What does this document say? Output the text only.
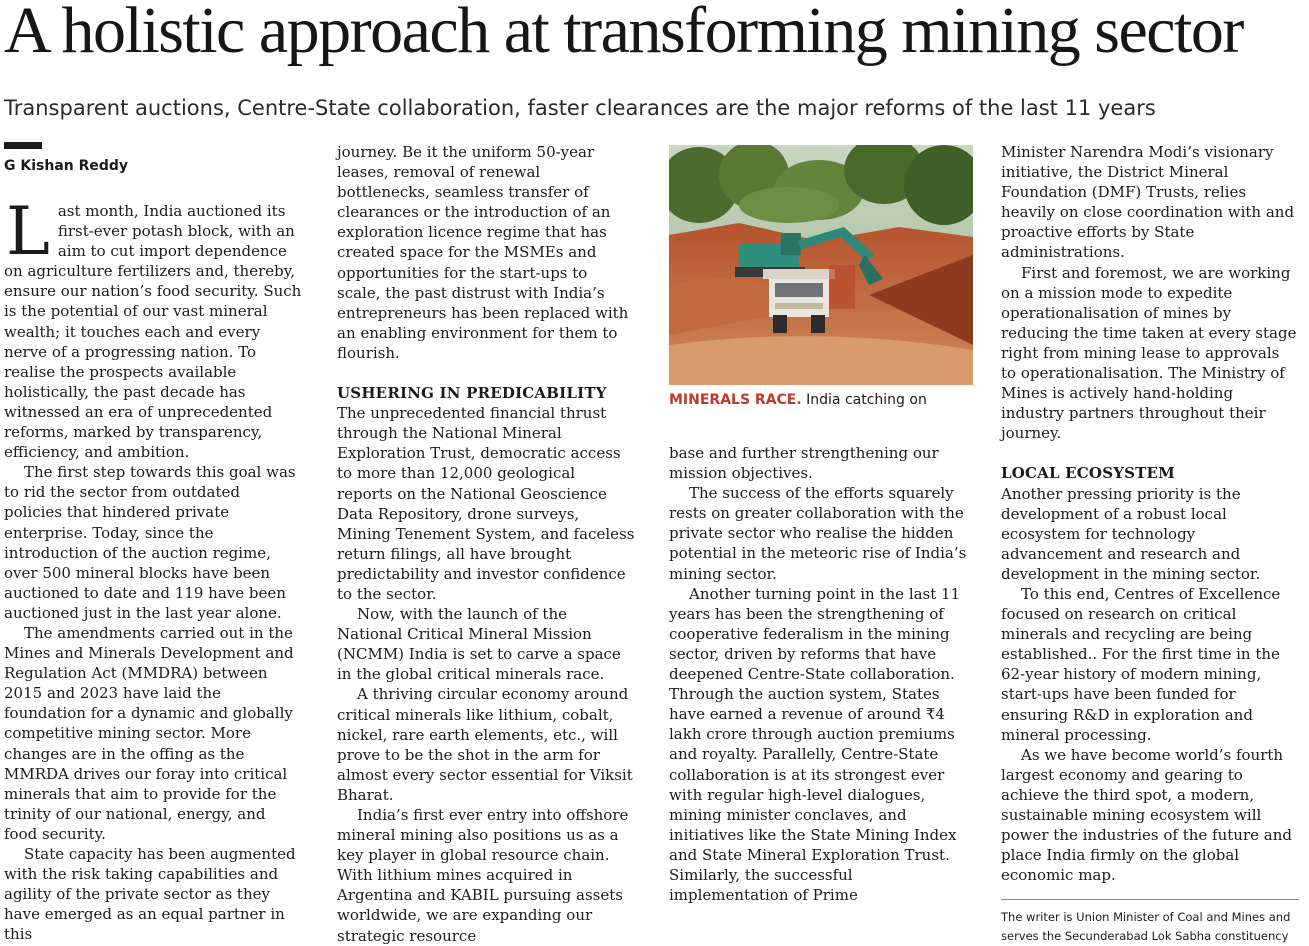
A holistic approach at transforming mining sector
Transparent auctions, Centre-State collaboration, faster clearances are the major reforms of the last 11 years
G Kishan Reddy

Last month, India auctioned its first-ever potash block, with an aim to cut import dependence on agriculture fertilizers and, thereby, ensure our nation’s food security. Such is the potential of our vast mineral wealth; it touches each and every nerve of a progressing nation. To realise the prospects available holistically, the past decade has witnessed an era of unprecedented reforms, marked by transparency, efficiency, and ambition.

The first step towards this goal was to rid the sector from outdated policies that hindered private enterprise. Today, since the introduction of the auction regime, over 500 mineral blocks have been auctioned to date and 119 have been auctioned just in the last year alone.

The amendments carried out in the Mines and Minerals Development and Regulation Act (MMDRA) between 2015 and 2023 have laid the foundation for a dynamic and globally competitive mining sector. More changes are in the offing as the MMRDA drives our foray into critical minerals that aim to provide for the trinity of our national, energy, and food security.

State capacity has been augmented with the risk taking capabilities and agility of the private sector as they have emerged as an equal partner in this

journey. Be it the uniform 50-year leases, removal of renewal bottlenecks, seamless transfer of clearances or the introduction of an exploration licence regime that has created space for the MSMEs and opportunities for the start-ups to scale, the past distrust with India’s entrepreneurs has been replaced with an enabling environment for them to flourish.

USHERING IN PREDICABILITY

The unprecedented financial thrust through the National Mineral Exploration Trust, democratic access to more than 12,000 geological reports on the National Geoscience Data Repository, drone surveys, Mining Tenement System, and faceless return filings, all have brought predictability and investor confidence to the sector.

Now, with the launch of the National Critical Mineral Mission (NCMM) India is set to carve a space in the global critical minerals race.

A thriving circular economy around critical minerals like lithium, cobalt, nickel, rare earth elements, etc., will prove to be the shot in the arm for almost every sector essential for Viksit Bharat.

India’s first ever entry into offshore mineral mining also positions us as a key player in global resource chain. With lithium mines acquired in Argentina and KABIL pursuing assets worldwide, we are expanding our strategic resource

MINERALS RACE. India catching on

base and further strengthening our mission objectives.

The success of the efforts squarely rests on greater collaboration with the private sector who realise the hidden potential in the meteoric rise of India’s mining sector.

Another turning point in the last 11 years has been the strengthening of cooperative federalism in the mining sector, driven by reforms that have deepened Centre-State collaboration. Through the auction system, States have earned a revenue of around ₹4 lakh crore through auction premiums and royalty. Parallelly, Centre-State collaboration is at its strongest ever with regular high-level dialogues, mining minister conclaves, and initiatives like the State Mining Index and State Mineral Exploration Trust. Similarly, the successful implementation of Prime

Minister Narendra Modi’s visionary initiative, the District Mineral Foundation (DMF) Trusts, relies heavily on close coordination with and proactive efforts by State administrations.

First and foremost, we are working on a mission mode to expedite operationalisation of mines by reducing the time taken at every stage right from mining lease to approvals to operationalisation. The Ministry of Mines is actively hand-holding industry partners throughout their journey.

LOCAL ECOSYSTEM

Another pressing priority is the development of a robust local ecosystem for technology advancement and research and development in the mining sector.

To this end, Centres of Excellence focused on research on critical minerals and recycling are being established.. For the first time in the 62-year history of modern mining, start-ups have been funded for ensuring R&D in exploration and mineral processing.

As we have become world’s fourth largest economy and gearing to achieve the third spot, a modern, sustainable mining ecosystem will power the industries of the future and place India firmly on the global economic map.

The writer is Union Minister of Coal and Mines and serves the Secunderabad Lok Sabha constituency
